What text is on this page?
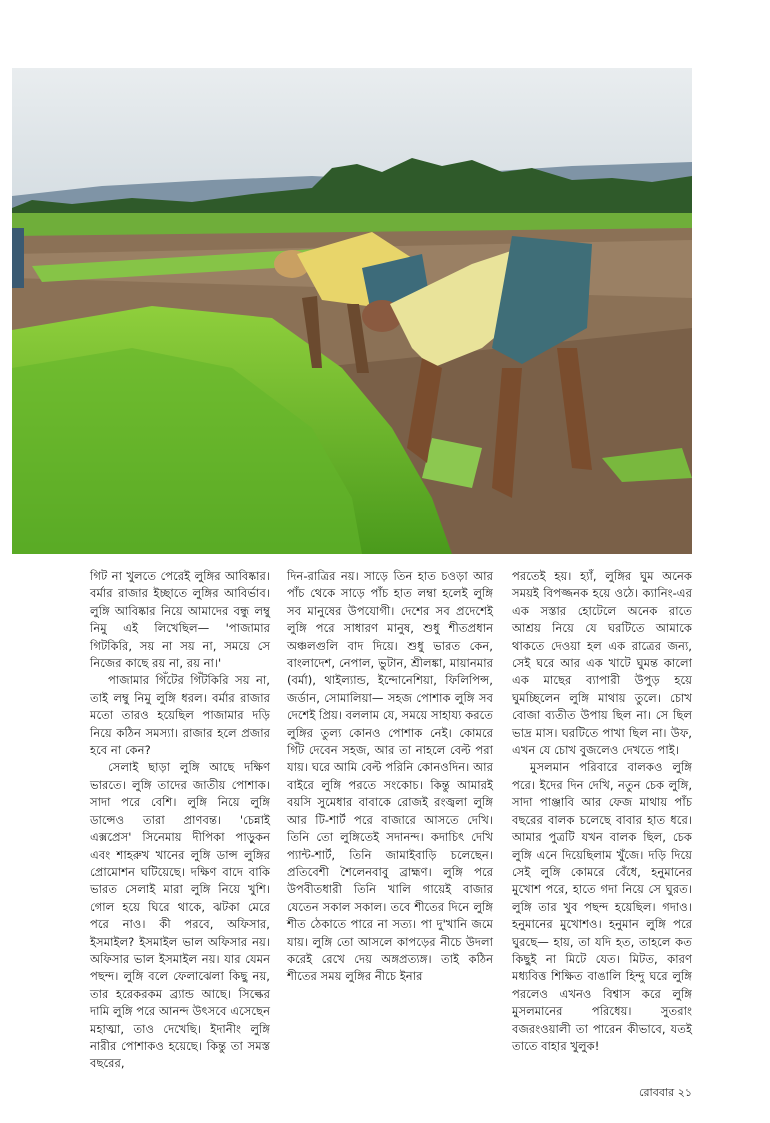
গিট না খুলতে পেরেই লুঙ্গির আবিষ্কার। বর্মার রাজার ইচ্ছাতে লুঙ্গির আবির্ভাব। লুঙ্গি আবিষ্কার নিয়ে আমাদের বন্ধু লম্বু নিমু এই লিখেছিল— 'পাজামার গিটকিরি, সয় না সয় না, সময়ে সে নিজের কাছে রয় না, রয় না।'

পাজামার গিঁটের গিঁটকিরি সয় না, তাই লম্বু নিমু লুঙ্গি ধরল। বর্মার রাজার মতো তারও হয়েছিল পাজামার দড়ি নিয়ে কঠিন সমস্যা। রাজার হলে প্রজার হবে না কেন?

সেলাই ছাড়া লুঙ্গি আছে দক্ষিণ ভারতে। লুঙ্গি তাদের জাতীয় পোশাক। সাদা পরে বেশি। লুঙ্গি নিয়ে লুঙ্গি ডান্সেও তারা প্রাণবন্ত। 'চেন্নাই এক্সপ্রেস' সিনেমায় দীপিকা পাড়ুকন এবং শাহরুখ খানের লুঙ্গি ডান্স লুঙ্গির প্রোমোশন ঘটিয়েছে। দক্ষিণ বাদে বাকি ভারত সেলাই মারা লুঙ্গি নিয়ে খুশি। গোল হয়ে ঘিরে থাকে, ঝটকা মেরে পরে নাও। কী পরবে, অফিসার, ইসমাইল? ইসমাইল ভাল অফিসার নয়। অফিসার ভাল ইসমাইল নয়। যার যেমন পছন্দ। লুঙ্গি বলে ফেলাঝেলা কিছু নয়, তার হরেকরকম ব্র্যান্ড আছে। সিল্কের দামি লুঙ্গি পরে আনন্দ উৎসবে এসেছেন মহাত্মা, তাও দেখেছি। ইদানীং লুঙ্গি নারীর পোশাকও হয়েছে। কিন্তু তা সমস্ত বছরের,

দিন-রাত্রির নয়। সাড়ে তিন হাত চওড়া আর পাঁচ থেকে সাড়ে পাঁচ হাত লম্বা হলেই লুঙ্গি সব মানুষের উপযোগী। দেশের সব প্রদেশেই লুঙ্গি পরে সাধারণ মানুষ, শুধু শীতপ্রধান অঞ্চলগুলি বাদ দিয়ে। শুধু ভারত কেন, বাংলাদেশ, নেপাল, ভুটান, শ্রীলঙ্কা, মায়ানমার (বর্মা), থাইল্যান্ড, ইন্দোনেশিয়া, ফিলিপিন্স, জর্ডান, সোমালিয়া— সহজ পোশাক লুঙ্গি সব দেশেই প্রিয়। বললাম যে, সময়ে সাহায্য করতে লুঙ্গির তুল্য কোনও পোশাক নেই। কোমরে গিঁট দেবেন সহজ, আর তা নাহলে বেল্ট পরা যায়। ঘরে আমি বেল্ট পরিনি কোনওদিন। আর বাইরে লুঙ্গি পরতে সংকোচ। কিন্তু আমারই বয়সি সুমেধার বাবাকে রোজই রংজ্বলা লুঙ্গি আর টি-শার্ট পরে বাজারে আসতে দেখি। তিনি তো লুঙ্গিতেই সদানন্দ। কদাচিৎ দেখি প্যান্ট-শার্ট, তিনি জামাইবাড়ি চলেছেন। প্রতিবেশী শৈলেনবাবু ব্রাহ্মণ। লুঙ্গি পরে উপবীতধারী তিনি খালি গায়েই বাজার যেতেন সকাল সকাল। তবে শীতের দিনে লুঙ্গি শীত ঠেকাতে পারে না সত্য। পা দু'খানি জমে যায়। লুঙ্গি তো আসলে কাপড়ের নীচে উদলা করেই রেখে দেয় অঙ্গপ্রত্যঙ্গ। তাই কঠিন শীতের সময় লুঙ্গির নীচে ইনার

পরতেই হয়। হ্যাঁ, লুঙ্গির ঘুম অনেক সময়ই বিপজ্জনক হয়ে ওঠে। ক্যানিং-এর এক সস্তার হোটেলে অনেক রাতে আশ্রয় নিয়ে যে ঘরটিতে আমাকে থাকতে দেওয়া হল এক রাত্রের জন্য, সেই ঘরে আর এক খাটে ঘুমন্ত কালো এক মাছের ব্যাপারী উপুড় হয়ে ঘুমচ্ছিলেন লুঙ্গি মাথায় তুলে। চোখ বোজা ব্যতীত উপায় ছিল না। সে ছিল ভাদ্র মাস। ঘরটিতে পাখা ছিল না। উফ, এখন যে চোখ বুজলেও দেখতে পাই।

মুসলমান পরিবারে বালকও লুঙ্গি পরে। ইদের দিন দেখি, নতুন চেক লুঙ্গি, সাদা পাঞ্জাবি আর ফেজ মাথায় পাঁচ বছরের বালক চলেছে বাবার হাত ধরে। আমার পুত্রটি যখন বালক ছিল, চেক লুঙ্গি এনে দিয়েছিলাম খুঁজে। দড়ি দিয়ে সেই লুঙ্গি কোমরে বেঁধে, হনুমানের মুখোশ পরে, হাতে গদা নিয়ে সে ঘুরত। লুঙ্গি তার খুব পছন্দ হয়েছিল। গদাও। হনুমানের মুখোশও। হনুমান লুঙ্গি পরে ঘুরছে— হায়, তা যদি হত, তাহলে কত কিছুই না মিটে যেত। মিটত, কারণ মধ্যবিত্ত শিক্ষিত বাঙালি হিন্দু ঘরে লুঙ্গি পরলেও এখনও বিশ্বাস করে লুঙ্গি মুসলমানের পরিধেয়। সুতরাং বজরংওয়ালী তা পারেন কীভাবে, যতই তাতে বাহার খুলুক!

রোববার ২১
